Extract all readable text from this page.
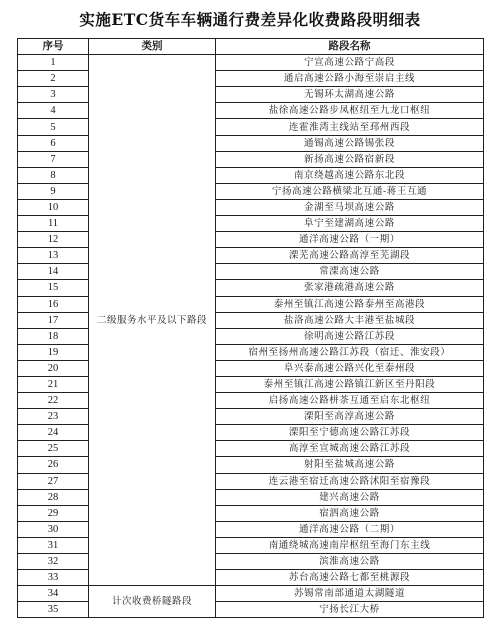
实施ETC货车车辆通行费差异化收费路段明细表
序号	类别	路段名称
1	二级服务水平及以下路段	宁宣高速公路宁高段
2		通启高速公路小海至崇启主线
3		无锡环太湖高速公路
4		盐徐高速公路步凤枢纽至九龙口枢纽
5		连霍淮湾主线站至邳州西段
6		通锡高速公路锡张段
7		新扬高速公路宿新段
8		南京绕越高速公路东北段
9		宁扬高速公路横梁北互通-蒋王互通
10		金湖至马坝高速公路
11		阜宁至建湖高速公路
12		通洋高速公路（一期）
13		溧芜高速公路高淳至芜湖段
14		常溧高速公路
15		张家港疏港高速公路
16		泰州至镇江高速公路泰州至高港段
17		盐洛高速公路大丰港至盐城段
18		徐明高速公路江苏段
19		宿州至扬州高速公路江苏段（宿迁、淮安段）
20		阜兴泰高速公路兴化至泰州段
21		泰州至镇江高速公路镇江新区至丹阳段
22		启扬高速公路栟茶互通至启东北枢纽
23		溧阳至高淳高速公路
24		溧阳至宁德高速公路江苏段
25		高淳至宣城高速公路江苏段
26		射阳至盐城高速公路
27		连云港至宿迁高速公路沭阳至宿豫段
28		建兴高速公路
29		宿泗高速公路
30		通洋高速公路（二期）
31		南通绕城高速南岸枢纽至海门东主线
32		滨淮高速公路
33		苏台高速公路七都至桃源段
34	计次收费桥隧路段	苏锡常南部通道太湖隧道
35		宁扬长江大桥
